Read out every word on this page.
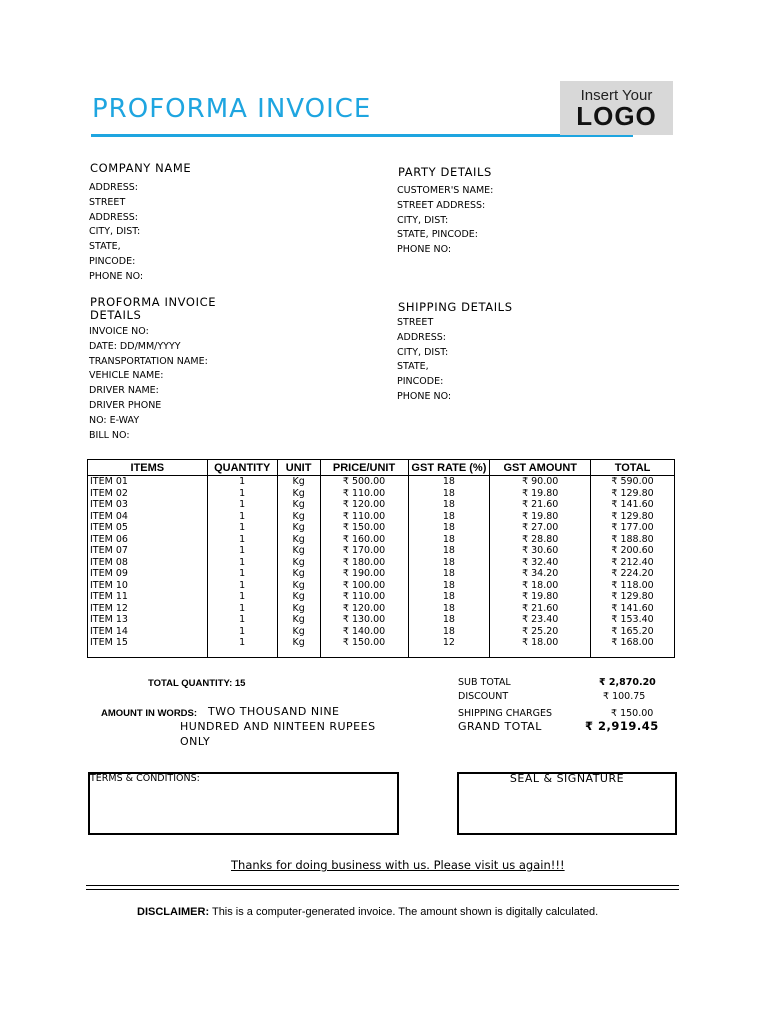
PROFORMA INVOICE	Insert Your
LOGO
COMPANY NAME
ADDRESS:
STREET
ADDRESS:
CITY, DIST:
STATE,
PINCODE:
PHONE NO:
PARTY DETAILS
CUSTOMER'S NAME:
STREET ADDRESS:
CITY, DIST:
STATE, PINCODE:
PHONE NO:
PROFORMA INVOICE
DETAILS
INVOICE NO:
DATE: DD/MM/YYYY
TRANSPORTATION NAME:
VEHICLE NAME:
DRIVER NAME:
DRIVER PHONE
NO: E-WAY
BILL NO:
SHIPPING DETAILS
STREET
ADDRESS:
CITY, DIST:
STATE,
PINCODE:
PHONE NO:
ITEMS	QUANTITY	UNIT	PRICE/UNIT	GST RATE (%)	GST AMOUNT	TOTAL
ITEM 01	1	Kg	₹ 500.00	18	₹ 90.00	₹ 590.00
ITEM 02	1	Kg	₹ 110.00	18	₹ 19.80	₹ 129.80
ITEM 03	1	Kg	₹ 120.00	18	₹ 21.60	₹ 141.60
ITEM 04	1	Kg	₹ 110.00	18	₹ 19.80	₹ 129.80
ITEM 05	1	Kg	₹ 150.00	18	₹ 27.00	₹ 177.00
ITEM 06	1	Kg	₹ 160.00	18	₹ 28.80	₹ 188.80
ITEM 07	1	Kg	₹ 170.00	18	₹ 30.60	₹ 200.60
ITEM 08	1	Kg	₹ 180.00	18	₹ 32.40	₹ 212.40
ITEM 09	1	Kg	₹ 190.00	18	₹ 34.20	₹ 224.20
ITEM 10	1	Kg	₹ 100.00	18	₹ 18.00	₹ 118.00
ITEM 11	1	Kg	₹ 110.00	18	₹ 19.80	₹ 129.80
ITEM 12	1	Kg	₹ 120.00	18	₹ 21.60	₹ 141.60
ITEM 13	1	Kg	₹ 130.00	18	₹ 23.40	₹ 153.40
ITEM 14	1	Kg	₹ 140.00	18	₹ 25.20	₹ 165.20
ITEM 15	1	Kg	₹ 150.00	12	₹ 18.00	₹ 168.00
TOTAL QUANTITY: 15
AMOUNT IN WORDS: TWO THOUSAND NINE
HUNDRED AND NINTEEN RUPEES
ONLY
SUB TOTAL	₹ 2,870.20
DISCOUNT	₹ 100.75
SHIPPING CHARGES	₹ 150.00
GRAND TOTAL	₹ 2,919.45
TERMS & CONDITIONS:	SEAL & SIGNATURE
Thanks for doing business with us. Please visit us again!!!
DISCLAIMER: This is a computer-generated invoice. The amount shown is digitally calculated.
